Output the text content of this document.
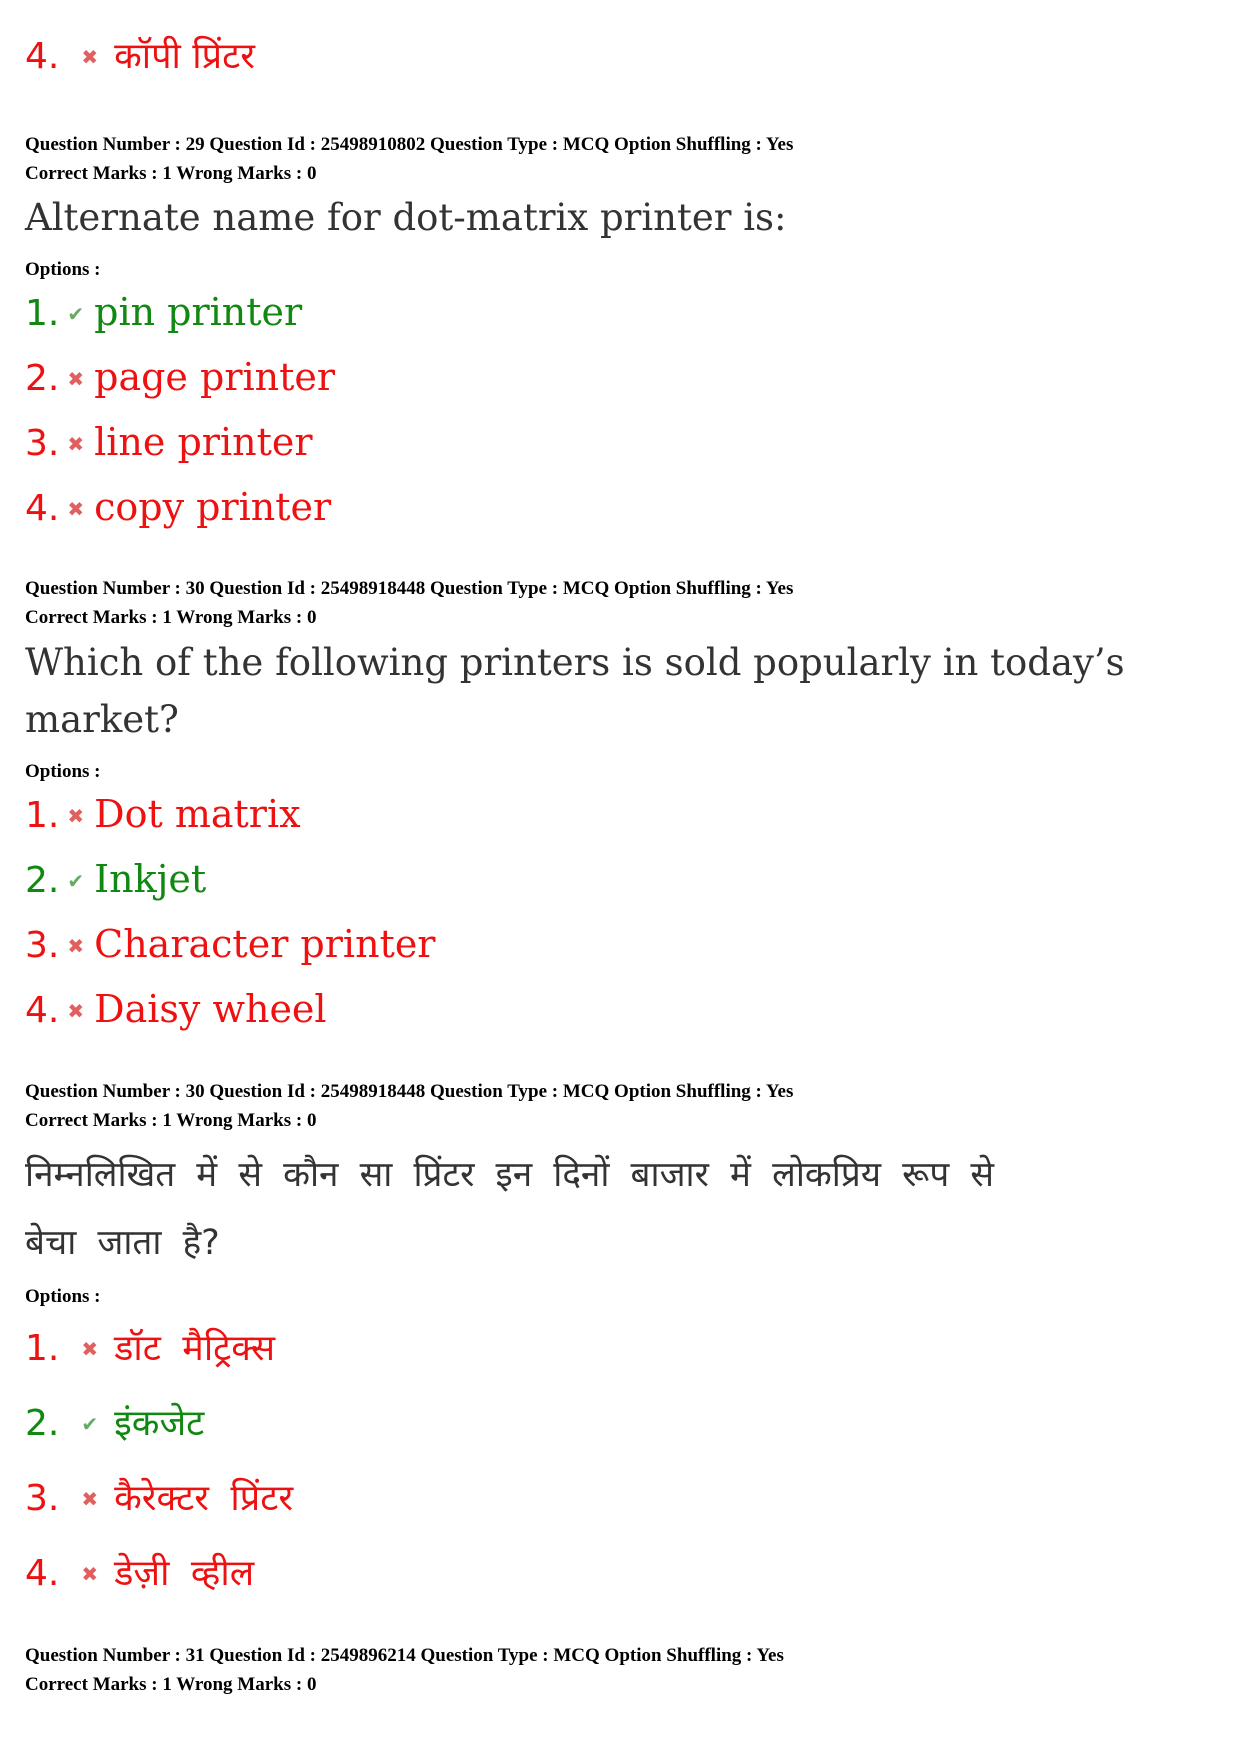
4. ✖ कॉपी प्रिंटर
Question Number : 29 Question Id : 25498910802 Question Type : MCQ Option Shuffling : Yes
Correct Marks : 1 Wrong Marks : 0
Alternate name for dot-matrix printer is:
Options :
1. ✔ pin printer
2. ✖ page printer
3. ✖ line printer
4. ✖ copy printer
Question Number : 30 Question Id : 25498918448 Question Type : MCQ Option Shuffling : Yes
Correct Marks : 1 Wrong Marks : 0
Which of the following printers is sold popularly in today’s
market?
Options :
1. ✖ Dot matrix
2. ✔ Inkjet
3. ✖ Character printer
4. ✖ Daisy wheel
Question Number : 30 Question Id : 25498918448 Question Type : MCQ Option Shuffling : Yes
Correct Marks : 1 Wrong Marks : 0
निम्नलिखित में से कौन सा प्रिंटर इन दिनों बाजार में लोकप्रिय रूप से
बेचा जाता है?
Options :
1. ✖ डॉट मैट्रिक्स
2. ✔ इंकजेट
3. ✖ कैरेक्टर प्रिंटर
4. ✖ डेज़ी व्हील
Question Number : 31 Question Id : 2549896214 Question Type : MCQ Option Shuffling : Yes
Correct Marks : 1 Wrong Marks : 0
